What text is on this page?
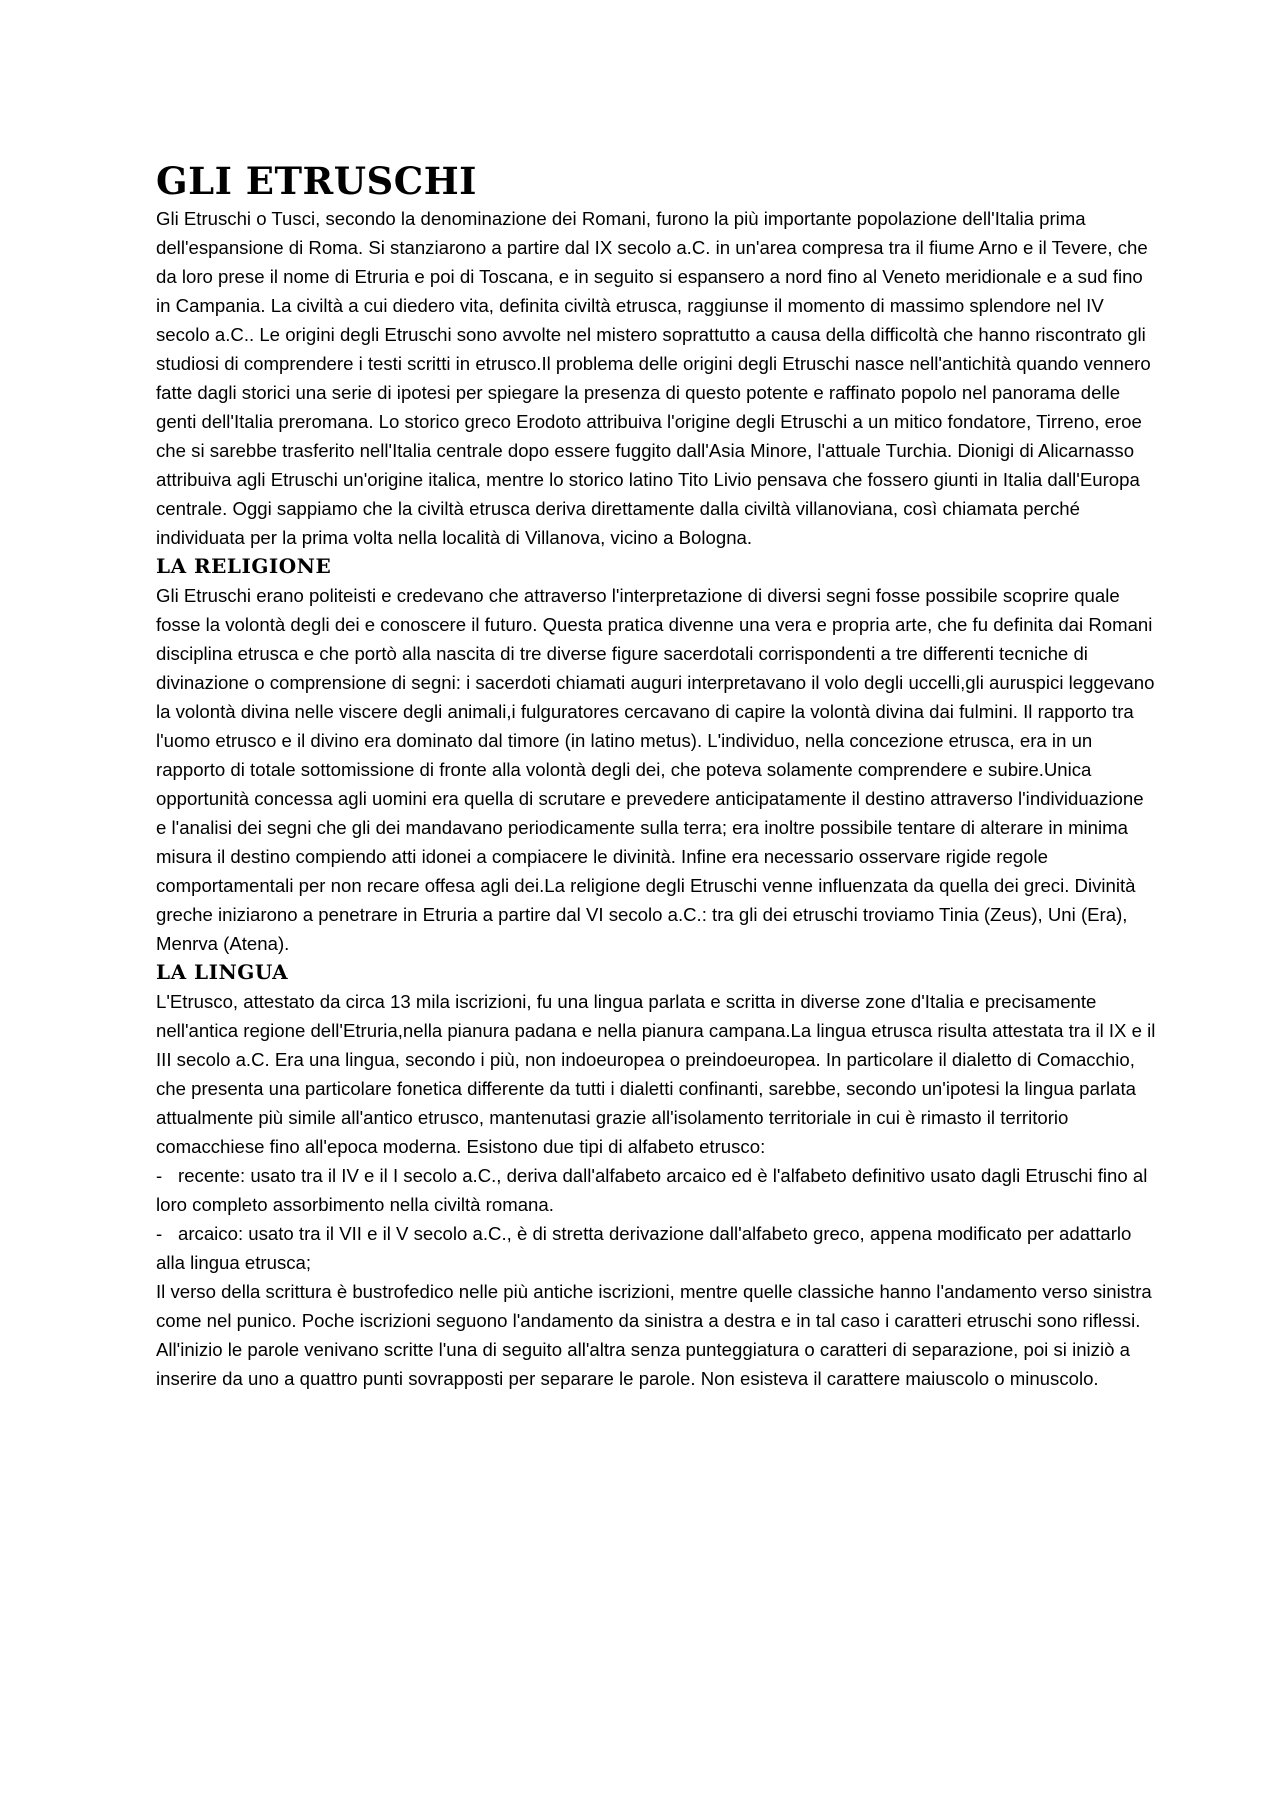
GLI ETRUSCHI

Gli Etruschi o Tusci, secondo la denominazione dei Romani, furono la più importante popolazione dell'Italia prima dell'espansione di Roma. Si stanziarono a partire dal IX secolo a.C. in un'area compresa tra il fiume Arno e il Tevere, che da loro prese il nome di Etruria e poi di Toscana, e in seguito si espansero a nord fino al Veneto meridionale e a sud fino in Campania. La civiltà a cui diedero vita, definita civiltà etrusca, raggiunse il momento di massimo splendore nel IV secolo a.C.. Le origini degli Etruschi sono avvolte nel mistero soprattutto a causa della difficoltà che hanno riscontrato gli studiosi di comprendere i testi scritti in etrusco.Il problema delle origini degli Etruschi nasce nell'antichità quando vennero fatte dagli storici una serie di ipotesi per spiegare la presenza di questo potente e raffinato popolo nel panorama delle genti dell'Italia preromana. Lo storico greco Erodoto attribuiva l'origine degli Etruschi a un mitico fondatore, Tirreno, eroe che si sarebbe trasferito nell'Italia centrale dopo essere fuggito dall'Asia Minore, l'attuale Turchia. Dionigi di Alicarnasso attribuiva agli Etruschi un'origine italica, mentre lo storico latino Tito Livio pensava che fossero giunti in Italia dall'Europa centrale. Oggi sappiamo che la civiltà etrusca deriva direttamente dalla civiltà villanoviana, così chiamata perché individuata per la prima volta nella località di Villanova, vicino a Bologna.

LA RELIGIONE

Gli Etruschi erano politeisti e credevano che attraverso l'interpretazione di diversi segni fosse possibile scoprire quale fosse la volontà degli dei e conoscere il futuro. Questa pratica divenne una vera e propria arte, che fu definita dai Romani disciplina etrusca e che portò alla nascita di tre diverse figure sacerdotali corrispondenti a tre differenti tecniche di divinazione o comprensione di segni: i sacerdoti chiamati auguri interpretavano il volo degli uccelli,gli auruspici leggevano la volontà divina nelle viscere degli animali,i fulguratores cercavano di capire la volontà divina dai fulmini. Il rapporto tra l'uomo etrusco e il divino era dominato dal timore (in latino metus). L'individuo, nella concezione etrusca, era in un rapporto di totale sottomissione di fronte alla volontà degli dei, che poteva solamente comprendere e subire.Unica opportunità concessa agli uomini era quella di scrutare e prevedere anticipatamente il destino attraverso l'individuazione e l'analisi dei segni che gli dei mandavano periodicamente sulla terra; era inoltre possibile tentare di alterare in minima misura il destino compiendo atti idonei a compiacere le divinità. Infine era necessario osservare rigide regole comportamentali per non recare offesa agli dei.La religione degli Etruschi venne influenzata da quella dei greci. Divinità greche iniziarono a penetrare in Etruria a partire dal VI secolo a.C.: tra gli dei etruschi troviamo Tinia (Zeus), Uni (Era), Menrva (Atena).

LA LINGUA

L'Etrusco, attestato da circa 13 mila iscrizioni, fu una lingua parlata e scritta in diverse zone d'Italia e precisamente nell'antica regione dell'Etruria,nella pianura padana e nella pianura campana.La lingua etrusca risulta attestata tra il IX e il III secolo a.C. Era una lingua, secondo i più, non indoeuropea o preindoeuropea. In particolare il dialetto di Comacchio, che presenta una particolare fonetica differente da tutti i dialetti confinanti, sarebbe, secondo un'ipotesi la lingua parlata attualmente più simile all'antico etrusco, mantenutasi grazie all'isolamento territoriale in cui è rimasto il territorio comacchiese fino all'epoca moderna. Esistono due tipi di alfabeto etrusco:

- recente: usato tra il IV e il I secolo a.C., deriva dall'alfabeto arcaico ed è l'alfabeto definitivo usato dagli Etruschi fino al loro completo assorbimento nella civiltà romana.

- arcaico: usato tra il VII e il V secolo a.C., è di stretta derivazione dall'alfabeto greco, appena modificato per adattarlo alla lingua etrusca;

Il verso della scrittura è bustrofedico nelle più antiche iscrizioni, mentre quelle classiche hanno l'andamento verso sinistra come nel punico. Poche iscrizioni seguono l'andamento da sinistra a destra e in tal caso i caratteri etruschi sono riflessi. All'inizio le parole venivano scritte l'una di seguito all'altra senza punteggiatura o caratteri di separazione, poi si iniziò a inserire da uno a quattro punti sovrapposti per separare le parole. Non esisteva il carattere maiuscolo o minuscolo.
